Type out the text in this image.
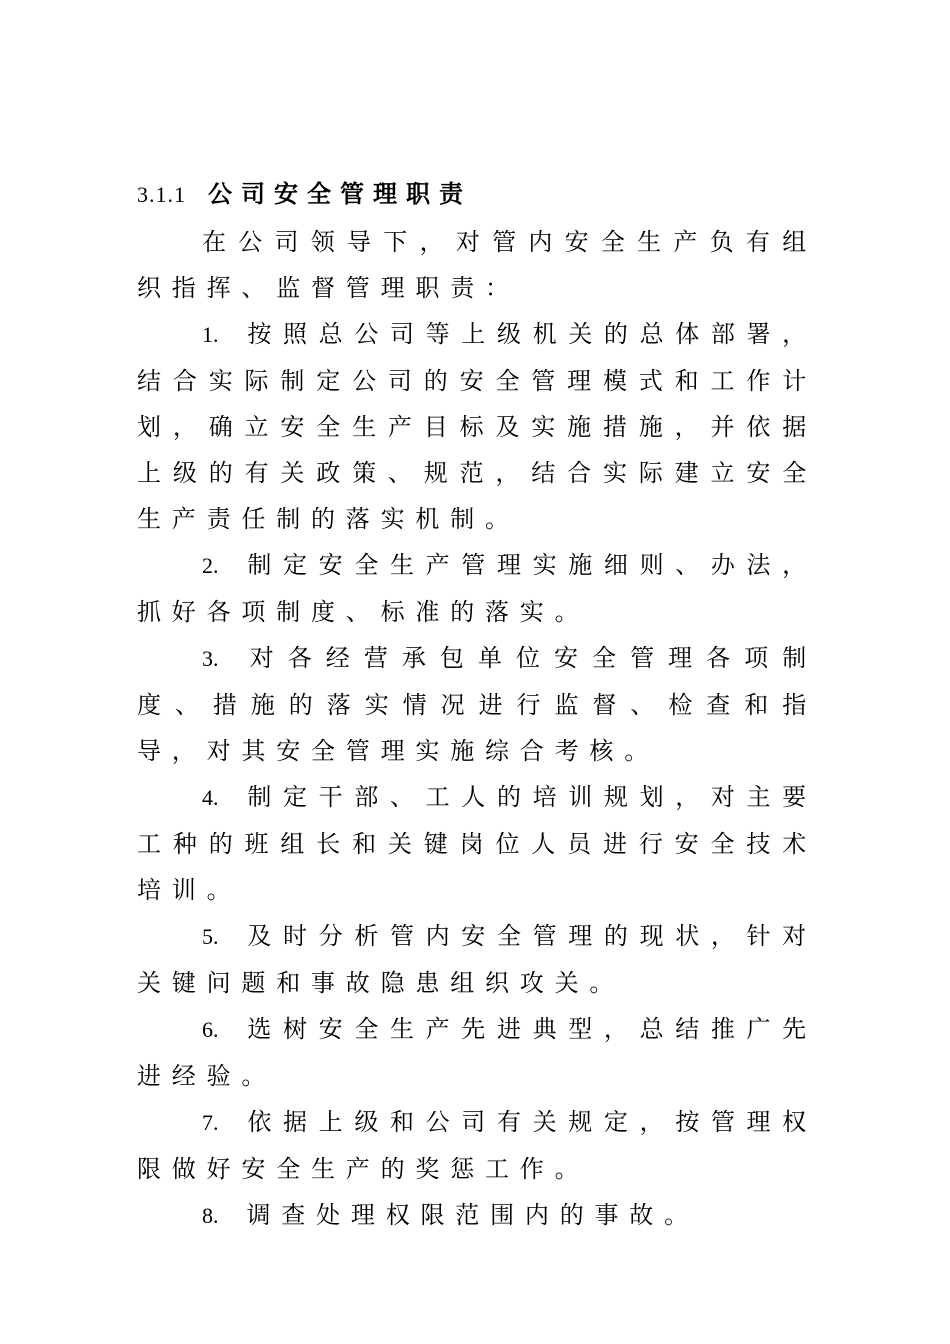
3.1.1 公司安全管理职责

在公司领导下，对管内安全生产负有组织指挥、监督管理职责：

1. 按照总公司等上级机关的总体部署，结合实际制定公司的安全管理模式和工作计划，确立安全生产目标及实施措施，并依据上级的有关政策、规范，结合实际建立安全生产责任制的落实机制。

2. 制定安全生产管理实施细则、办法，抓好各项制度、标准的落实。

3. 对各经营承包单位安全管理各项制度、措施的落实情况进行监督、检查和指导，对其安全管理实施综合考核。

4. 制定干部、工人的培训规划，对主要工种的班组长和关键岗位人员进行安全技术培训。

5. 及时分析管内安全管理的现状，针对关键问题和事故隐患组织攻关。

6. 选树安全生产先进典型，总结推广先进经验。

7. 依据上级和公司有关规定，按管理权限做好安全生产的奖惩工作。

8. 调查处理权限范围内的事故。
